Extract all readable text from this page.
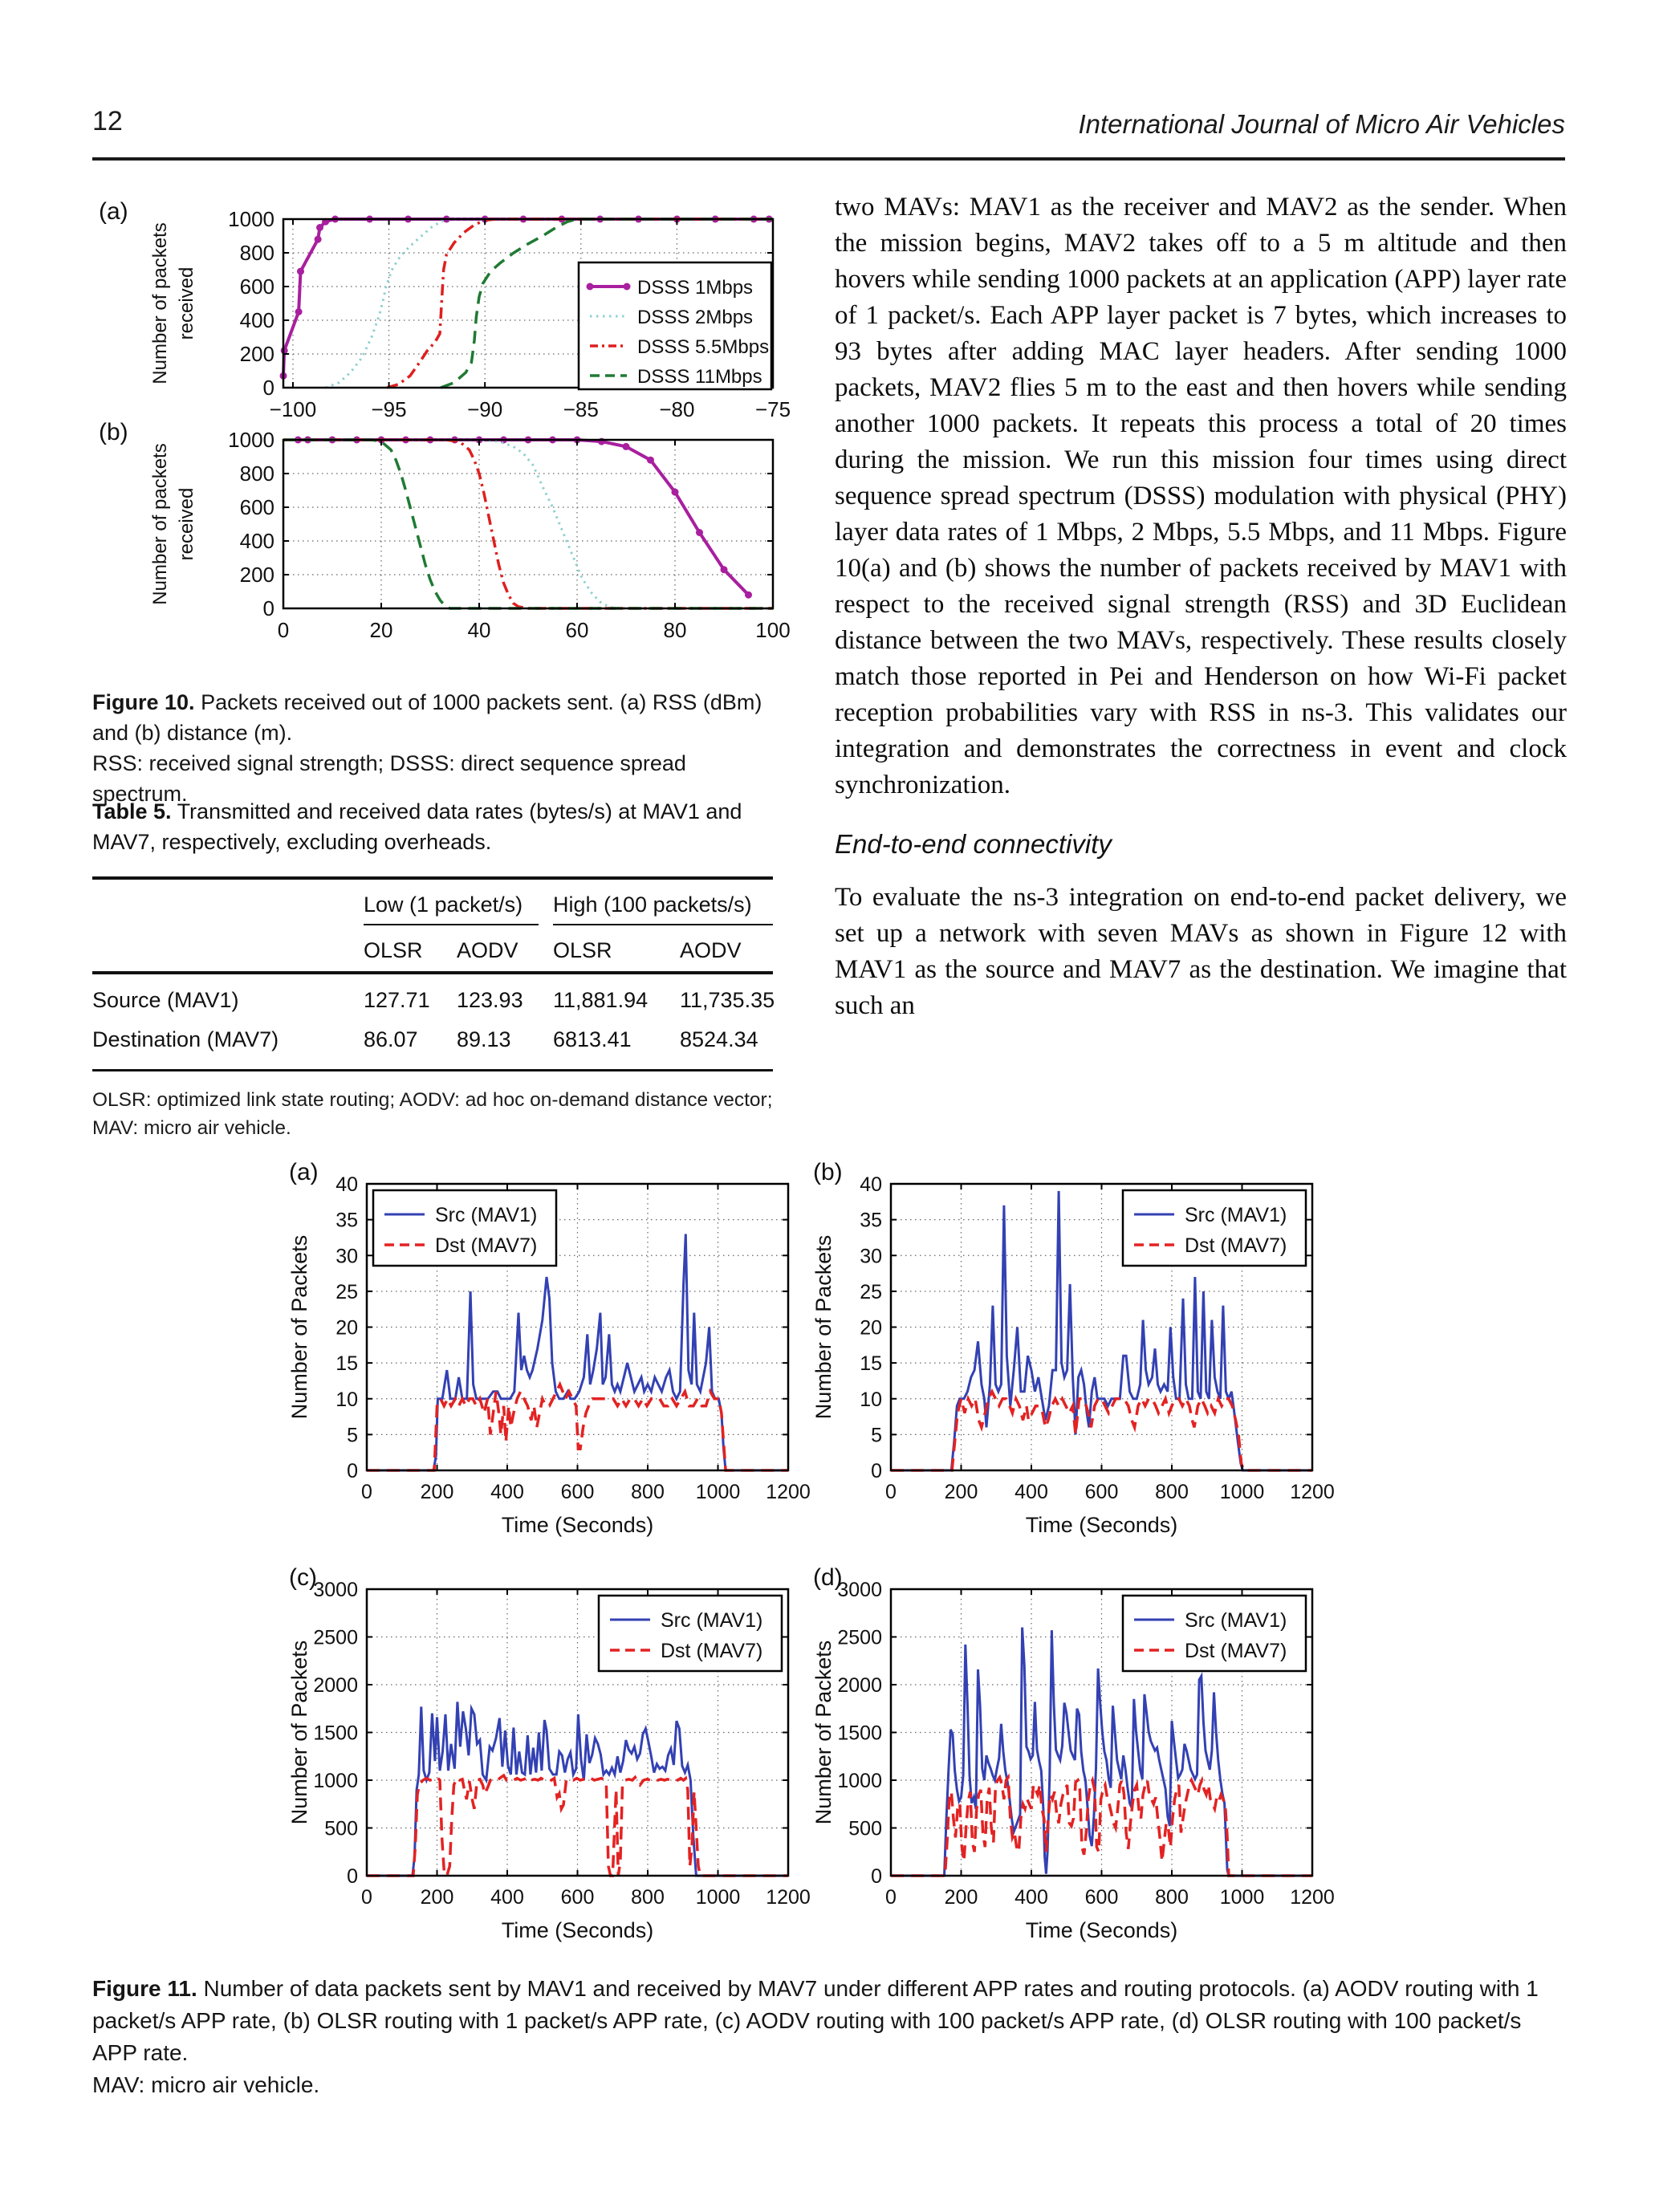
12	International Journal of Micro Air Vehicles
(a)
−100	−95	−90	−85	−80	−75
0
200
400
600
800
1000
Number of packets received	DSSS 1Mbps
DSSS 2Mbps
DSSS 5.5Mbps
DSSS 11Mbps
(b)
0	20	40	60	80	100
0
200
400
600
800
1000
Number of packets received
Figure 10. Packets received out of 1000 packets sent. (a) RSS (dBm) and (b) distance (m).
RSS: received signal strength; DSSS: direct sequence spread spectrum.
Table 5. Transmitted and received data rates (bytes/s) at MAV1 and MAV7, respectively, excluding overheads.
Low (1 packet/s)	High (100 packets/s)
OLSR	AODV	OLSR	AODV
Source (MAV1)	127.71	123.93	11,881.94	11,735.35
Destination (MAV7)	86.07	89.13	6813.41	8524.34
OLSR: optimized link state routing; AODV: ad hoc on-demand distance vector; MAV: micro air vehicle.

two MAVs: MAV1 as the receiver and MAV2 as the sender. When the mission begins, MAV2 takes off to a 5 m altitude and then hovers while sending 1000 packets at an application (APP) layer rate of 1 packet/s. Each APP layer packet is 7 bytes, which increases to 93 bytes after adding MAC layer headers. After sending 1000 packets, MAV2 flies 5 m to the east and then hovers while sending another 1000 packets. It repeats this process a total of 20 times during the mission. We run this mission four times using direct sequence spread spectrum (DSSS) modulation with physical (PHY) layer data rates of 1 Mbps, 2 Mbps, 5.5 Mbps, and 11 Mbps. Figure 10(a) and (b) shows the number of packets received by MAV1 with respect to the received signal strength (RSS) and 3D Euclidean distance between the two MAVs, respectively. These results closely match those reported in Pei and Henderson on how Wi-Fi packet reception probabilities vary with RSS in ns-3. This validates our integration and demonstrates the correctness in event and clock synchronization.

End-to-end connectivity

To evaluate the ns-3 integration on end-to-end packet delivery, we set up a network with seven MAVs as shown in Figure 12 with MAV1 as the source and MAV7 as the destination. We imagine that such an

(a)
0 200 400 600 800 1000 1200
0
5
10
15
20
25
30
35
40
Number of Packets
Time (Seconds)
Src (MAV1)
Dst (MAV7)
(b)
0 200 400 600 800 1000 1200
0
5
10
15
20
25
30
35
40
Number of Packets
Time (Seconds)
Src (MAV1)
Dst (MAV7)
(c)
0 200 400 600 800 1000 1200
0
500
1000
1500
2000
2500
3000
Number of Packets
Time (Seconds)
Src (MAV1)
Dst (MAV7)
(d)
0 200 400 600 800 1000 1200
0
500
1000
1500
2000
2500
3000
Number of Packets
Time (Seconds)
Src (MAV1)
Dst (MAV7)
Figure 11. Number of data packets sent by MAV1 and received by MAV7 under different APP rates and routing protocols. (a) AODV routing with 1 packet/s APP rate, (b) OLSR routing with 1 packet/s APP rate, (c) AODV routing with 100 packet/s APP rate, (d) OLSR routing with 100 packet/s APP rate.
MAV: micro air vehicle.
